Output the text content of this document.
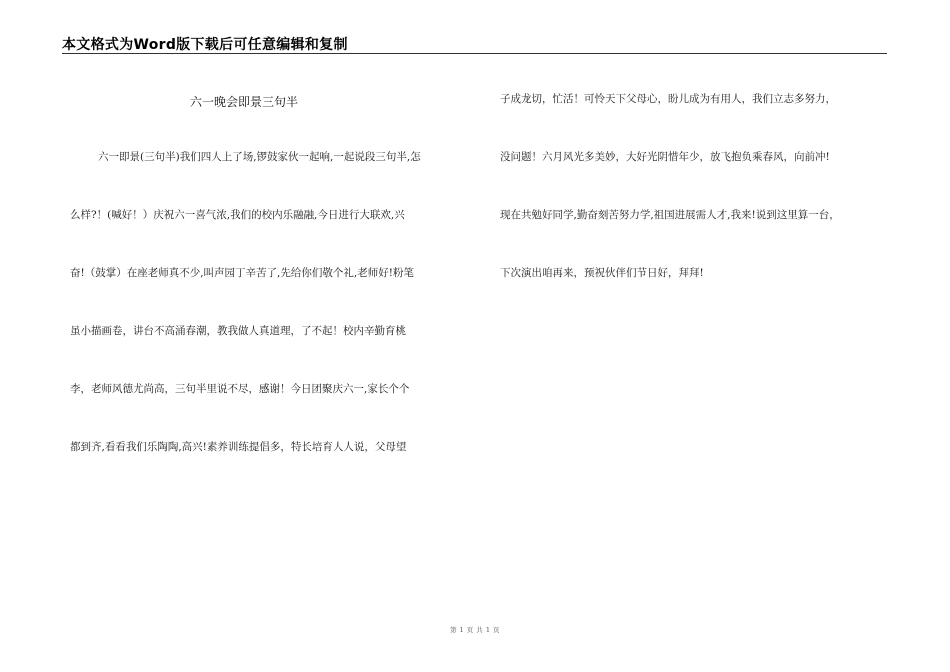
本文格式为Word版下载后可任意编辑和复制
六一晚会即景三句半
六一即景(三句半)我们四人上了场,锣鼓家伙一起响,一起说段三句半,怎
么样?！(喊好！）庆祝六一喜气浓,我们的校内乐融融,今日进行大联欢,兴
奋!（鼓掌）在座老师真不少,叫声园丁辛苦了,先给你们敬个礼,老师好!粉笔
虽小描画卷，讲台不高涌春潮，教我做人真道理，了不起！校内辛勤育桃
李，老师风德尤尚高，三句半里说不尽，感谢！今日团聚庆六一,家长个个
都到齐,看看我们乐陶陶,高兴!素养训练提倡多，特长培育人人说，父母望
子成龙切，忙活！可怜天下父母心，盼儿成为有用人，我们立志多努力，
没问题！六月风光多美妙，大好光阴惜年少，放飞抱负乘春风，向前冲!
现在共勉好同学,勤奋刻苦努力学,祖国进展需人才,我来!说到这里算一台，
下次演出咱再来，预祝伙伴们节日好，拜拜!
第 1 页 共 1 页
